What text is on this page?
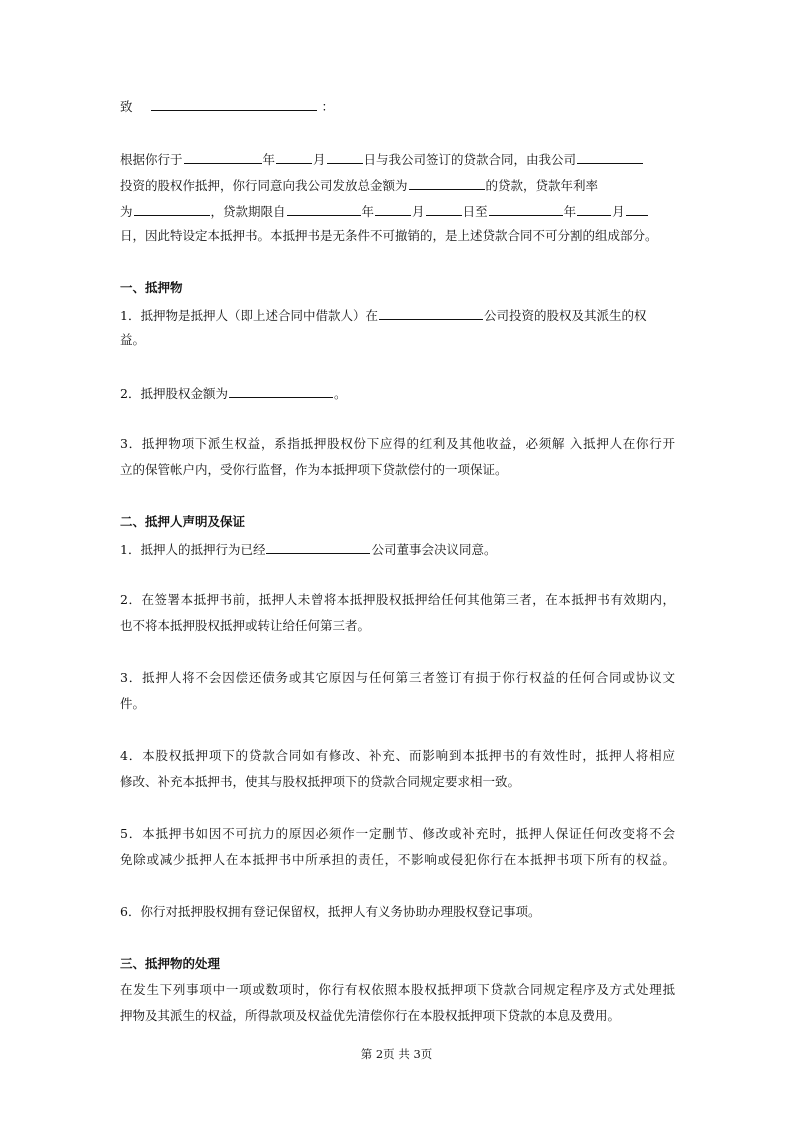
致	：
根据你行于	年	月	日与我公司签订的贷款合同，由我公司
投资的股权作抵押，你行同意向我公司发放总金额为	的贷款，贷款年利率
为	，贷款期限自	年	月	日至	年	月
日，因此特设定本抵押书。本抵押书是无条件不可撤销的，是上述贷款合同不可分割的组成部分。
一、抵押物
1．抵押物是抵押人（即上述合同中借款人）在	公司投资的股权及其派生的权
益。
2．抵押股权金额为	。
3．抵押物项下派生权益，系指抵押股权份下应得的红利及其他收益，必须解 入抵押人在你行开
立的保管帐户内，受你行监督，作为本抵押项下贷款偿付的一项保证。
二、抵押人声明及保证
1．抵押人的抵押行为已经	公司董事会决议同意。
2．在签署本抵押书前，抵押人未曾将本抵押股权抵押给任何其他第三者，在本抵押书有效期内，
也不将本抵押股权抵押或转让给任何第三者。
3．抵押人将不会因偿还债务或其它原因与任何第三者签订有损于你行权益的任何合同或协议文
件。
4．本股权抵押项下的贷款合同如有修改、补充、而影响到本抵押书的有效性时，抵押人将相应
修改、补充本抵押书，使其与股权抵押项下的贷款合同规定要求相一致。
5．本抵押书如因不可抗力的原因必须作一定删节、修改或补充时，抵押人保证任何改变将不会
免除或减少抵押人在本抵押书中所承担的责任，不影响或侵犯你行在本抵押书项下所有的权益。
6．你行对抵押股权拥有登记保留权，抵押人有义务协助办理股权登记事项。
三、抵押物的处理
在发生下列事项中一项或数项时，你行有权依照本股权抵押项下贷款合同规定程序及方式处理抵
押物及其派生的权益，所得款项及权益优先清偿你行在本股权抵押项下贷款的本息及费用。
第 2页 共 3页
